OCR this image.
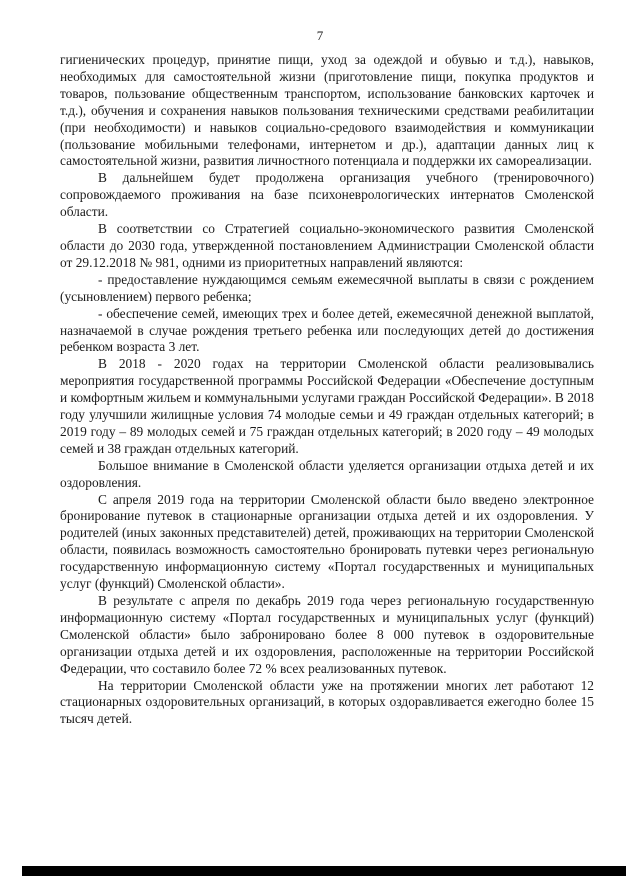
7

гигиенических процедур, принятие пищи, уход за одеждой и обувью и т.д.), навыков, необходимых для самостоятельной жизни (приготовление пищи, покупка продуктов и товаров, пользование общественным транспортом, использование банковских карточек и т.д.), обучения и сохранения навыков пользования техническими средствами реабилитации (при необходимости) и навыков социально-средового взаимодействия и коммуникации (пользование мобильными телефонами, интернетом и др.), адаптации данных лиц к самостоятельной жизни, развития личностного потенциала и поддержки их самореализации.

В дальнейшем будет продолжена организация учебного (тренировочного) сопровождаемого проживания на базе психоневрологических интернатов Смоленской области.

В соответствии со Стратегией социально-экономического развития Смоленской области до 2030 года, утвержденной постановлением Администрации Смоленской области от 29.12.2018 № 981, одними из приоритетных направлений являются:

- предоставление нуждающимся семьям ежемесячной выплаты в связи с рождением (усыновлением) первого ребенка;

- обеспечение семей, имеющих трех и более детей, ежемесячной денежной выплатой, назначаемой в случае рождения третьего ребенка или последующих детей до достижения ребенком возраста 3 лет.

В 2018 - 2020 годах на территории Смоленской области реализовывались мероприятия государственной программы Российской Федерации «Обеспечение доступным и комфортным жильем и коммунальными услугами граждан Российской Федерации». В 2018 году улучшили жилищные условия 74 молодые семьи и 49 граждан отдельных категорий; в 2019 году – 89 молодых семей и 75 граждан отдельных категорий; в 2020 году – 49 молодых семей и 38 граждан отдельных категорий.

Большое внимание в Смоленской области уделяется организации отдыха детей и их оздоровления.

С апреля 2019 года на территории Смоленской области было введено электронное бронирование путевок в стационарные организации отдыха детей и их оздоровления. У родителей (иных законных представителей) детей, проживающих на территории Смоленской области, появилась возможность самостоятельно бронировать путевки через региональную государственную информационную систему «Портал государственных и муниципальных услуг (функций) Смоленской области».

В результате с апреля по декабрь 2019 года через региональную государственную информационную систему «Портал государственных и муниципальных услуг (функций) Смоленской области» было забронировано более 8 000 путевок в оздоровительные организации отдыха детей и их оздоровления, расположенные на территории Российской Федерации, что составило более 72 % всех реализованных путевок.

На территории Смоленской области уже на протяжении многих лет работают 12 стационарных оздоровительных организаций, в которых оздоравливается ежегодно более 15 тысяч детей.
